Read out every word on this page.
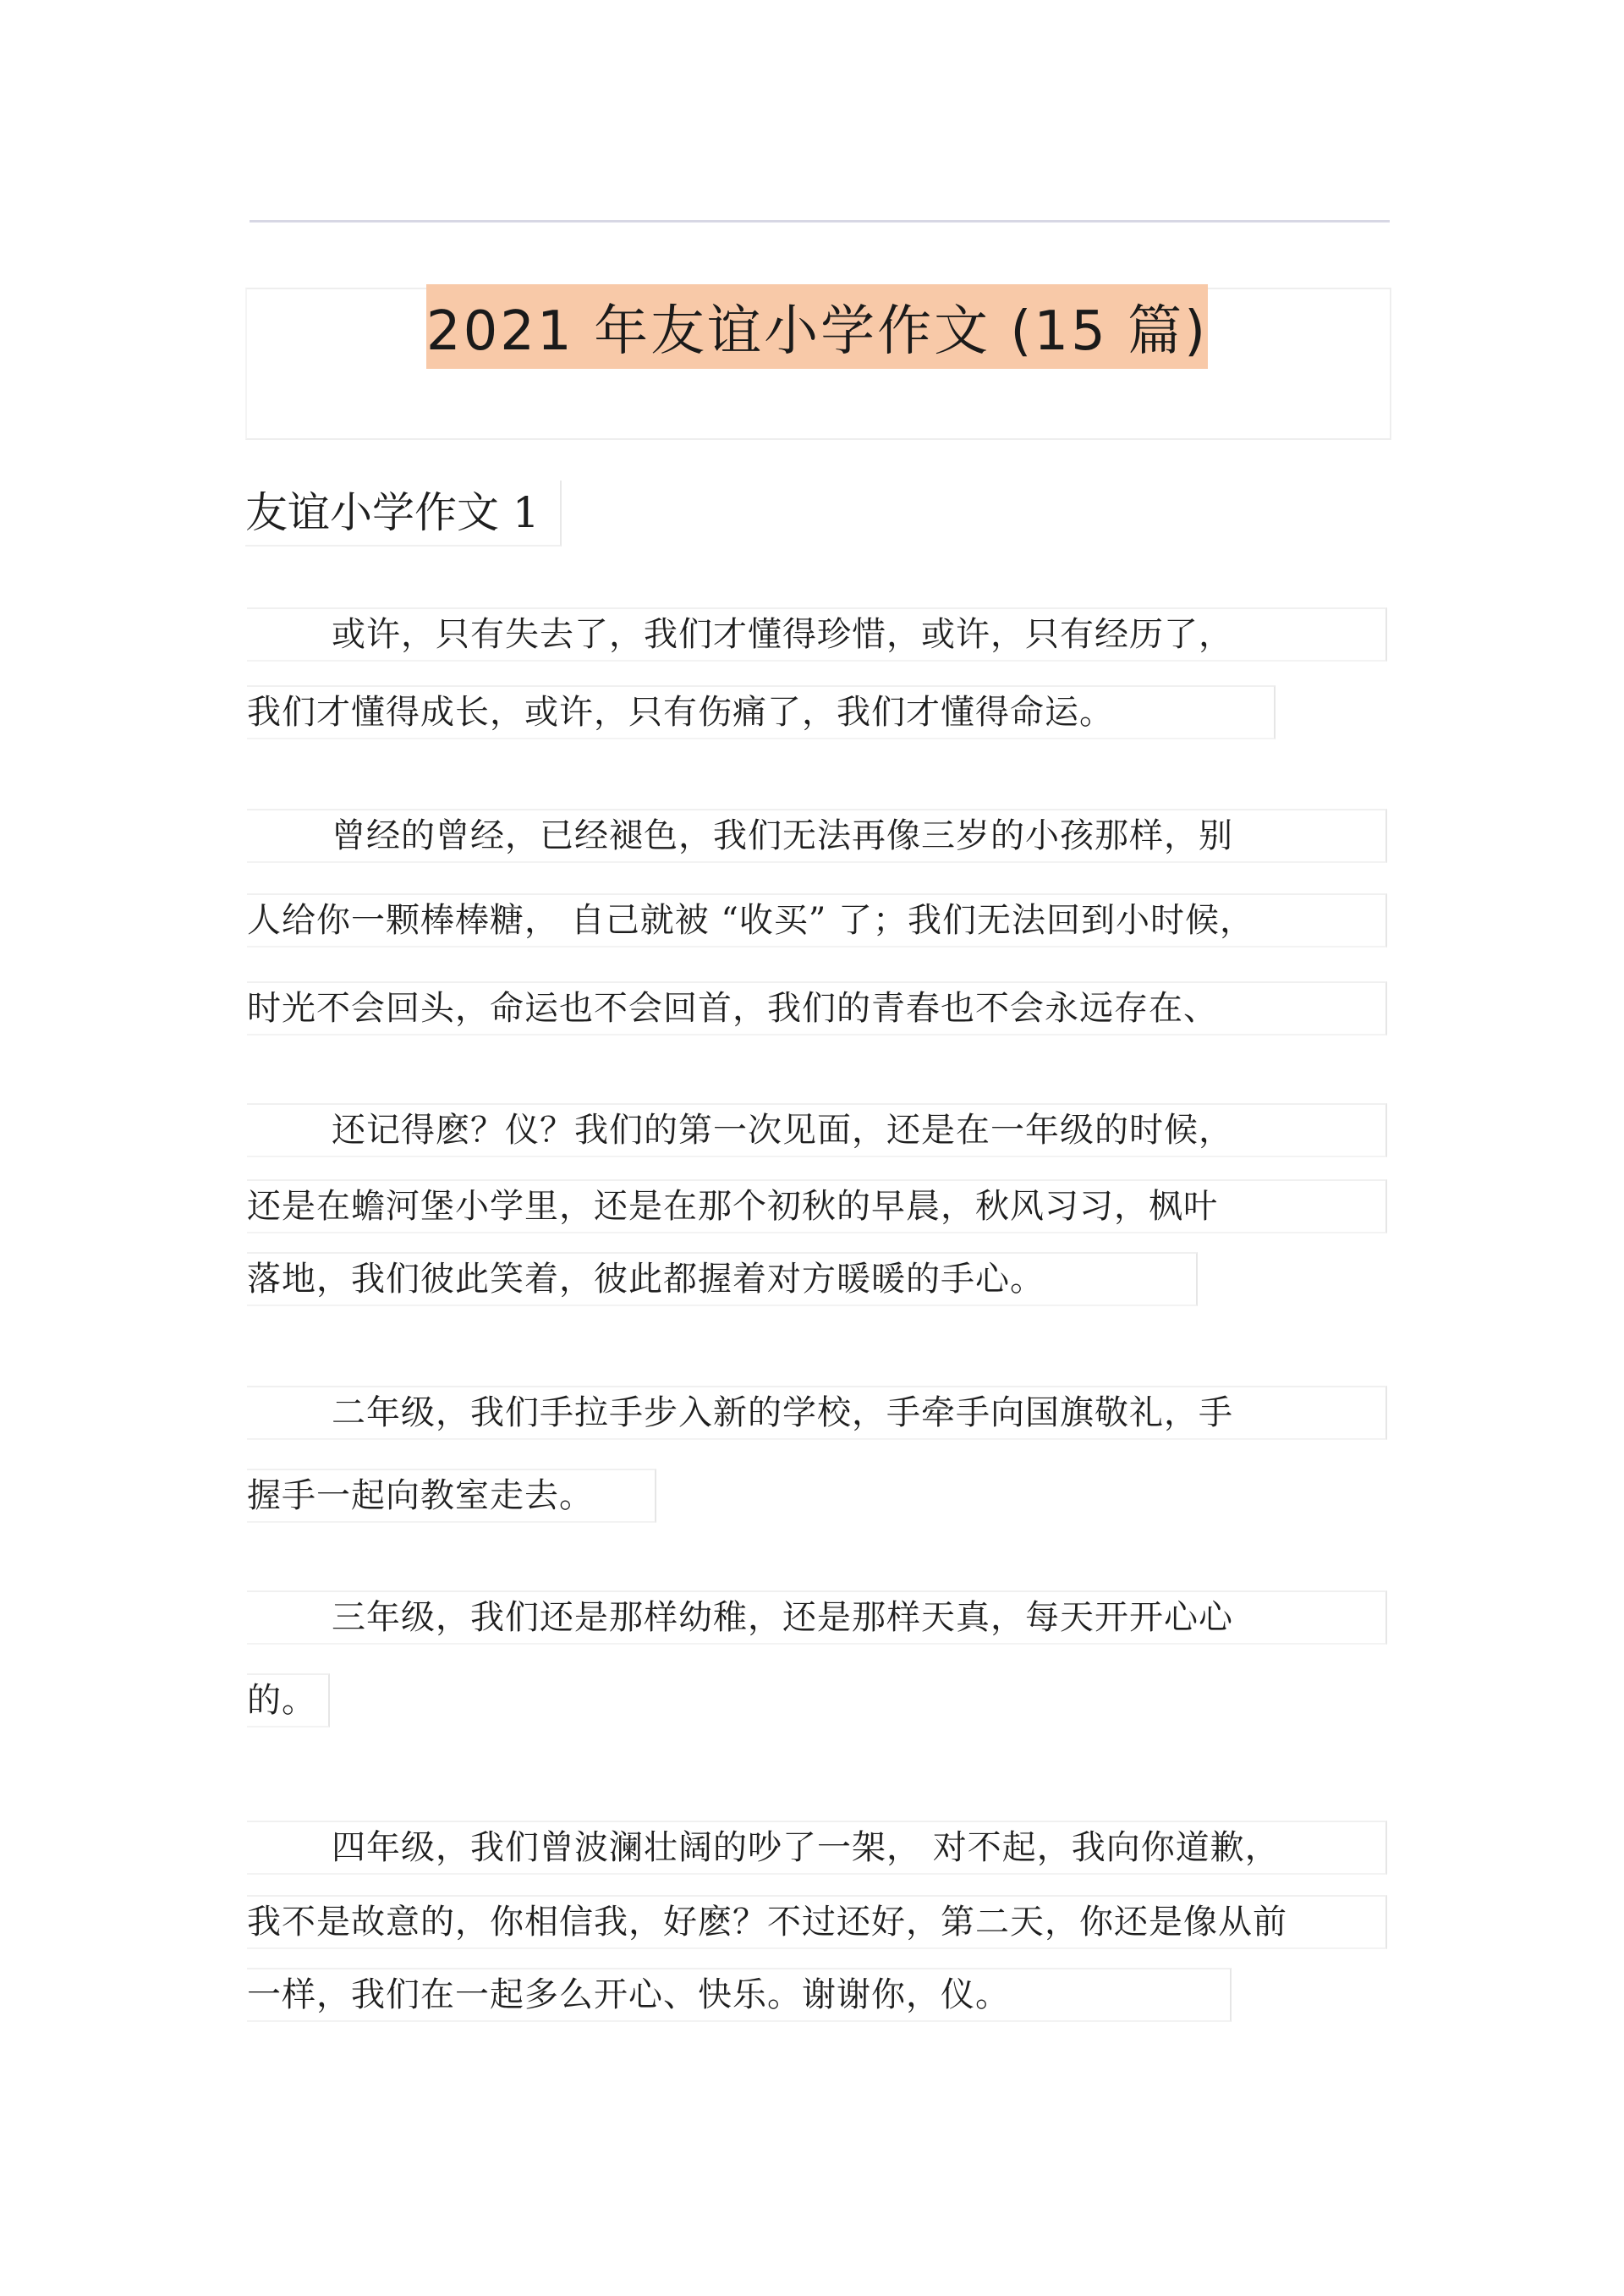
2021 年友谊小学作文 (15 篇)
友谊小学作文 1
或许，只有失去了，我们才懂得珍惜，或许，只有经历了，
我们才懂得成长，或许，只有伤痛了，我们才懂得命运。
曾经的曾经，已经褪色，我们无法再像三岁的小孩那样，别
人给你一颗棒棒糖， 自己就被 “收买” 了；我们无法回到小时候，
时光不会回头，命运也不会回首，我们的青春也不会永远存在、
还记得麽？仪？我们的第一次见面，还是在一年级的时候，
还是在蟾河堡小学里，还是在那个初秋的早晨，秋风习习，枫叶
落地，我们彼此笑着，彼此都握着对方暖暖的手心。
二年级，我们手拉手步入新的学校，手牵手向国旗敬礼，手
握手一起向教室走去。
三年级，我们还是那样幼稚，还是那样天真，每天开开心心
的。
四年级，我们曾波澜壮阔的吵了一架， 对不起，我向你道歉，
我不是故意的，你相信我，好麽？不过还好，第二天，你还是像从前
一样，我们在一起多么开心、快乐。谢谢你，仪。
